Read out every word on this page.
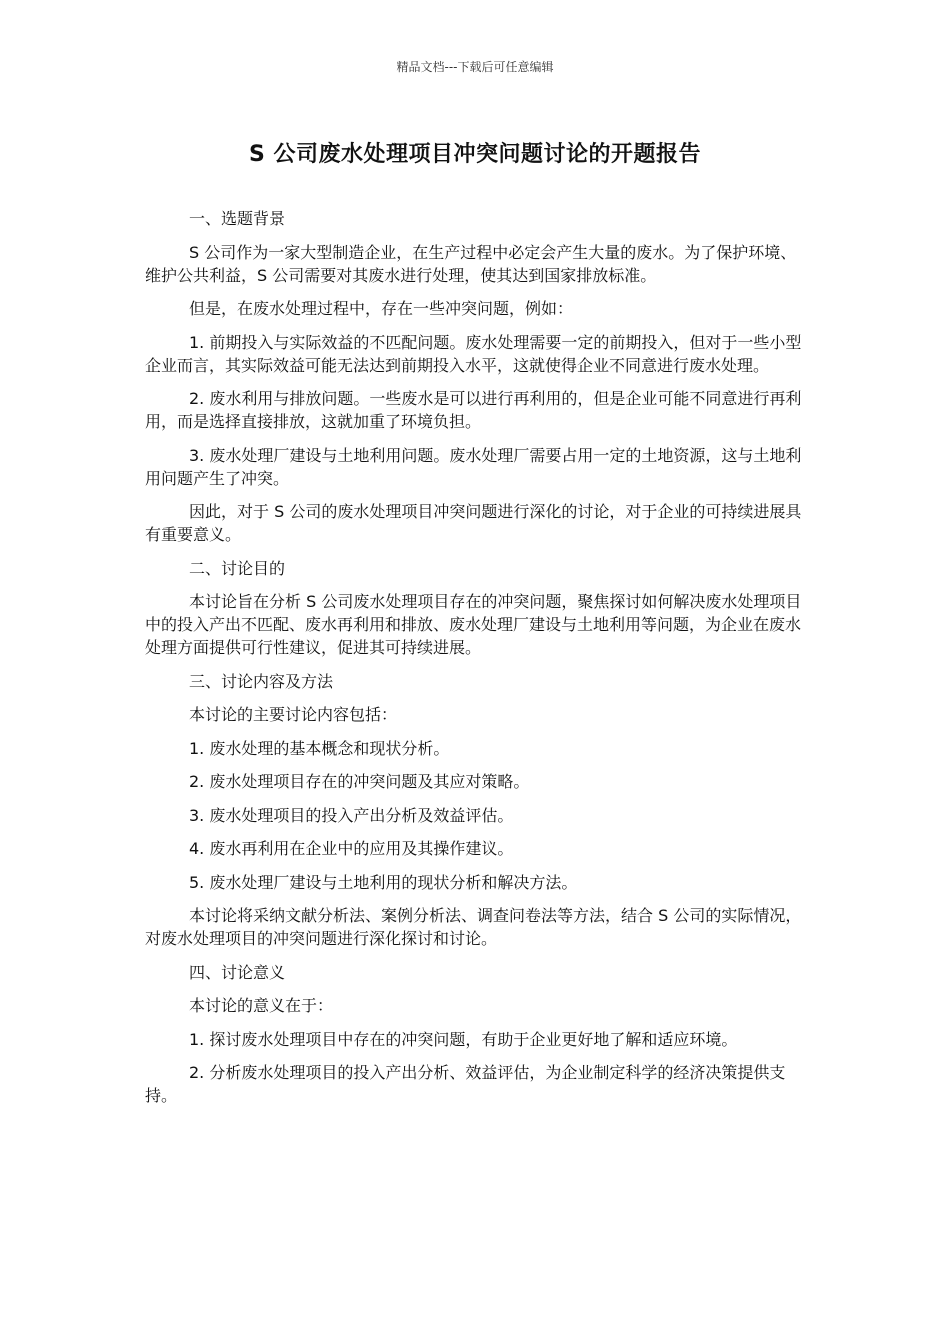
精品文档---下载后可任意编辑
S 公司废水处理项目冲突问题讨论的开题报告

一、选题背景

S 公司作为一家大型制造企业，在生产过程中必定会产生大量的废水。为了保护环境、维护公共利益，S 公司需要对其废水进行处理，使其达到国家排放标准。

但是，在废水处理过程中，存在一些冲突问题，例如：

1. 前期投入与实际效益的不匹配问题。废水处理需要一定的前期投入，但对于一些小型企业而言，其实际效益可能无法达到前期投入水平，这就使得企业不同意进行废水处理。

2. 废水利用与排放问题。一些废水是可以进行再利用的，但是企业可能不同意进行再利用，而是选择直接排放，这就加重了环境负担。

3. 废水处理厂建设与土地利用问题。废水处理厂需要占用一定的土地资源，这与土地利用问题产生了冲突。

因此，对于 S 公司的废水处理项目冲突问题进行深化的讨论，对于企业的可持续进展具有重要意义。

二、讨论目的

本讨论旨在分析 S 公司废水处理项目存在的冲突问题，聚焦探讨如何解决废水处理项目中的投入产出不匹配、废水再利用和排放、废水处理厂建设与土地利用等问题，为企业在废水处理方面提供可行性建议，促进其可持续进展。

三、讨论内容及方法

本讨论的主要讨论内容包括：

1. 废水处理的基本概念和现状分析。

2. 废水处理项目存在的冲突问题及其应对策略。

3. 废水处理项目的投入产出分析及效益评估。

4. 废水再利用在企业中的应用及其操作建议。

5. 废水处理厂建设与土地利用的现状分析和解决方法。

本讨论将采纳文献分析法、案例分析法、调查问卷法等方法，结合 S 公司的实际情况，对废水处理项目的冲突问题进行深化探讨和讨论。

四、讨论意义

本讨论的意义在于：

1. 探讨废水处理项目中存在的冲突问题，有助于企业更好地了解和适应环境。

2. 分析废水处理项目的投入产出分析、效益评估，为企业制定科学的经济决策提供支持。
